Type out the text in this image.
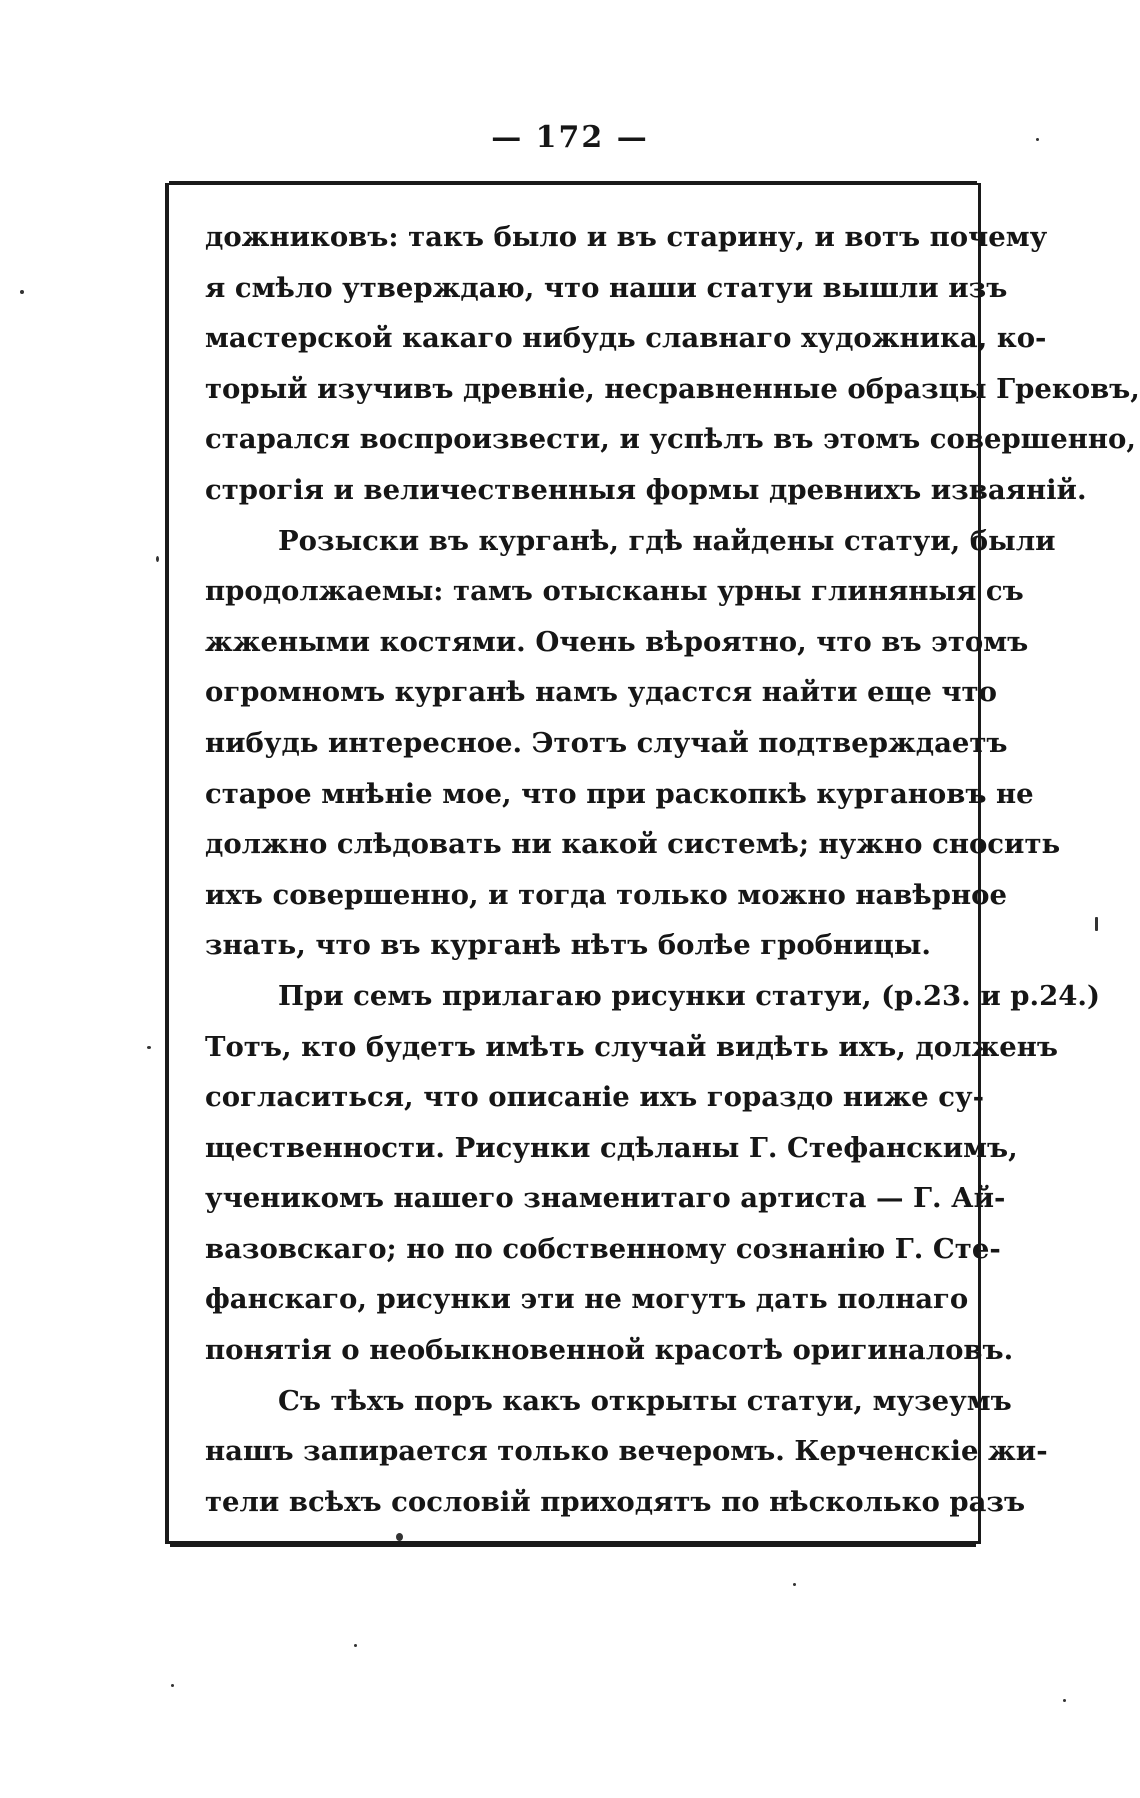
— 172 —
дожниковъ: такъ было и въ старину, и вотъ почему
я смѣло утверждаю, что наши статуи вышли изъ
мастерской какаго нибудь славнаго художника, ко-
торый изучивъ древніе, несравненные образцы Грековъ,
старался воспроизвести, и успѣлъ въ этомъ совершенно,
строгія и величественныя формы древнихъ изваяній.
Розыски въ курганѣ, гдѣ найдены статуи, были
продолжаемы: тамъ отысканы урны глиняныя съ
жжеными костями. Очень вѣроятно, что въ этомъ
огромномъ курганѣ намъ удастся найти еще что
нибудь интересное. Этотъ случай подтверждаетъ
старое мнѣніе мое, что при раскопкѣ кургановъ не
должно слѣдовать ни какой системѣ; нужно сносить
ихъ совершенно, и тогда только можно навѣрное
знать, что въ курганѣ нѣтъ болѣе гробницы.
При семъ прилагаю рисунки статуи, (р.23. и р.24.)
Тотъ, кто будетъ имѣть случай видѣть ихъ, долженъ
согласиться, что описаніе ихъ гораздо ниже су-
щественности. Рисунки сдѣланы Г. Стефанскимъ,
ученикомъ нашего знаменитаго артиста — Г. Ай-
вазовскаго; но по собственному сознанію Г. Сте-
фанскаго, рисунки эти не могутъ дать полнаго
понятія о необыкновенной красотѣ оригиналовъ.
Съ тѣхъ поръ какъ открыты статуи, музеумъ
нашъ запирается только вечеромъ. Керченскіе жи-
тели всѣхъ сословій приходятъ по нѣсколько разъ
